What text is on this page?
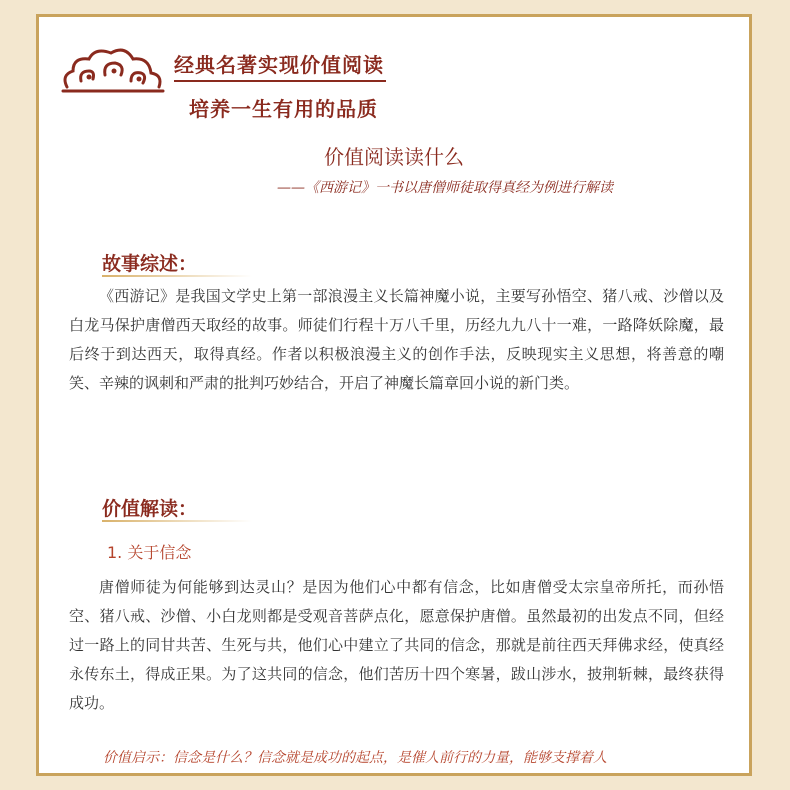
经典名著实现价值阅读
培养一生有用的品质
价值阅读读什么
——《西游记》一书以唐僧师徒取得真经为例进行解读
故事综述：

《西游记》是我国文学史上第一部浪漫主义长篇神魔小说，主要写孙悟空、猪八戒、沙僧以及白龙马保护唐僧西天取经的故事。师徒们行程十万八千里，历经九九八十一难，一路降妖除魔，最后终于到达西天，取得真经。作者以积极浪漫主义的创作手法，反映现实主义思想，将善意的嘲笑、辛辣的讽刺和严肃的批判巧妙结合，开启了神魔长篇章回小说的新门类。

价值解读：
1. 关于信念

唐僧师徒为何能够到达灵山？是因为他们心中都有信念，比如唐僧受太宗皇帝所托，而孙悟空、猪八戒、沙僧、小白龙则都是受观音菩萨点化，愿意保护唐僧。虽然最初的出发点不同，但经过一路上的同甘共苦、生死与共，他们心中建立了共同的信念，那就是前往西天拜佛求经，使真经永传东土，得成正果。为了这共同的信念，他们苦历十四个寒暑，跋山涉水，披荆斩棘，最终获得成功。

价值启示：信念是什么？信念就是成功的起点，是催人前行的力量，能够支撑着人
